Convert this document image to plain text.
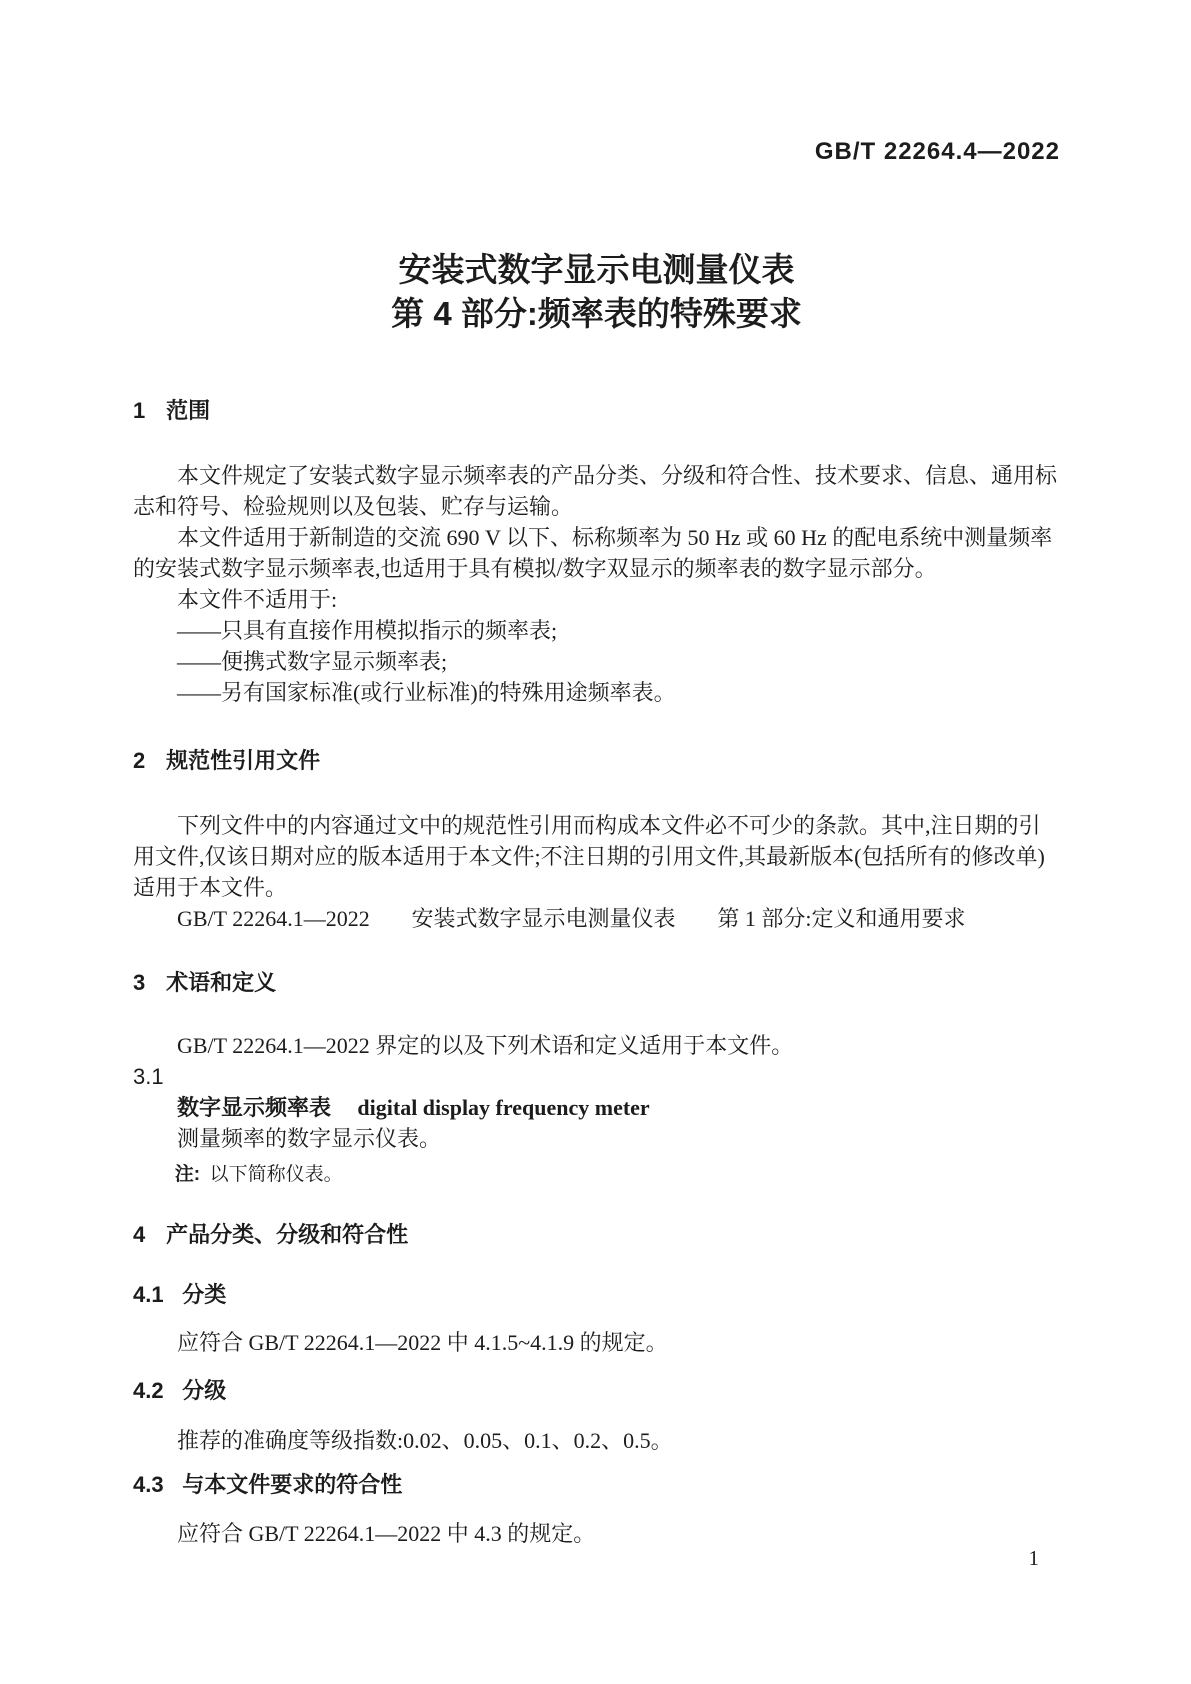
GB/T 22264.4—2022
安装式数字显示电测量仪表
第 4 部分:频率表的特殊要求
1 范围

本文件规定了安装式数字显示频率表的产品分类、分级和符合性、技术要求、信息、通用标志和符号、检验规则以及包装、贮存与运输。

本文件适用于新制造的交流 690 V 以下、标称频率为 50 Hz 或 60 Hz 的配电系统中测量频率的安装式数字显示频率表,也适用于具有模拟/数字双显示的频率表的数字显示部分。

本文件不适用于:

——只具有直接作用模拟指示的频率表;

——便携式数字显示频率表;

——另有国家标准(或行业标准)的特殊用途频率表。

2 规范性引用文件

下列文件中的内容通过文中的规范性引用而构成本文件必不可少的条款。其中,注日期的引用文件,仅该日期对应的版本适用于本文件;不注日期的引用文件,其最新版本(包括所有的修改单)适用于本文件。

GB/T 22264.1—2022 安装式数字显示电测量仪表 第 1 部分:定义和通用要求

3 术语和定义

GB/T 22264.1—2022 界定的以及下列术语和定义适用于本文件。

3.1

数字显示频率表 digital display frequency meter

测量频率的数字显示仪表。

注: 以下简称仪表。

4 产品分类、分级和符合性
4.1 分类

应符合 GB/T 22264.1—2022 中 4.1.5~4.1.9 的规定。

4.2 分级

推荐的准确度等级指数:0.02、0.05、0.1、0.2、0.5。

4.3 与本文件要求的符合性

应符合 GB/T 22264.1—2022 中 4.3 的规定。

1
